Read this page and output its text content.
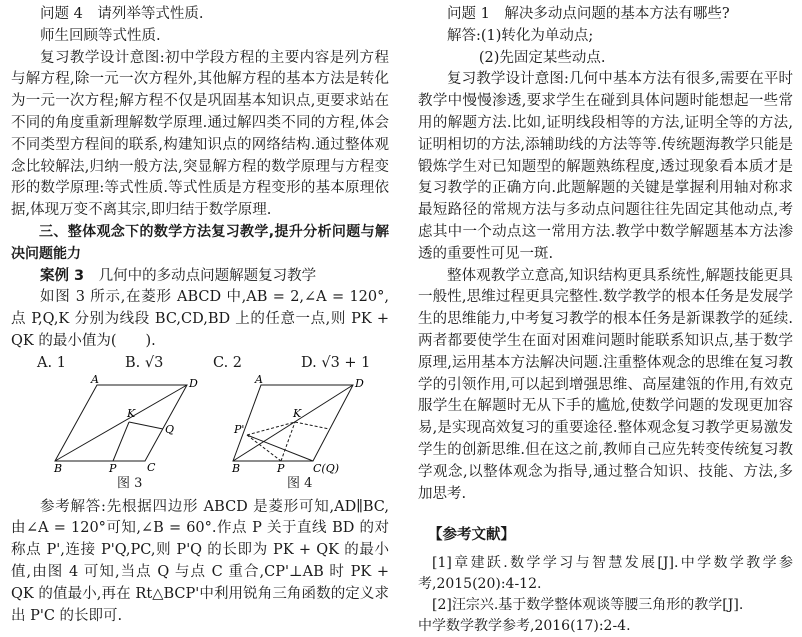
问题 4　请列举等式性质.

师生回顾等式性质.

复习教学设计意图:初中学段方程的主要内容是列方程与解方程,除一元一次方程外,其他解方程的基本方法是转化为一元一次方程;解方程不仅是巩固基本知识点,更要求站在不同的角度重新理解数学原理.通过解四类不同的方程,体会不同类型方程间的联系,构建知识点的网络结构.通过整体观念比较解法,归纳一般方法,突显解方程的数学原理与方程变形的数学原理:等式性质.等式性质是方程变形的基本原理依据,体现万变不离其宗,即归结于数学原理.

三、整体观念下的数学方法复习教学,提升分析问题与解决问题能力

案例 3　 几何中的多动点问题解题复习教学

如图 3 所示,在菱形 ABCD 中,AB = 2,∠A = 120°,点 P,Q,K 分别为线段 BC,CD,BD 上的任意一点,则 PK + QK 的最小值为(　　).

A. 1	B. √3	C. 2	D. √3 + 1
A	D
K
Q
B	P	C
A	D
P'
K
B	P	C(Q)
图 3	图 4

参考解答:先根据四边形 ABCD 是菱形可知,AD∥BC,由∠A = 120°可知,∠B = 60°.作点 P 关于直线 BD 的对称点 P',连接 P'Q,PC,则 P'Q 的长即为 PK + QK 的最小值,由图 4 可知,当点 Q 与点 C 重合,CP'⊥AB 时 PK + QK 的值最小,再在 Rt△BCP'中利用锐角三角函数的定义求出 P'C 的长即可.

问题 1　解决多动点问题的基本方法有哪些?

解答:(1)转化为单动点;

(2)先固定某些动点.

复习教学设计意图:几何中基本方法有很多,需要在平时教学中慢慢渗透,要求学生在碰到具体问题时能想起一些常用的解题方法.比如,证明线段相等的方法,证明全等的方法,证明相切的方法,添辅助线的方法等等.传统题海教学只能是锻炼学生对已知题型的解题熟练程度,透过现象看本质才是复习教学的正确方向.此题解题的关键是掌握利用轴对称求最短路径的常规方法与多动点问题往往先固定其他动点,考虑其中一个动点这一常用方法.教学中数学解题基本方法渗透的重要性可见一斑.

整体观教学立意高,知识结构更具系统性,解题技能更具一般性,思维过程更具完整性.数学教学的根本任务是发展学生的思维能力,中考复习教学的根本任务是新课教学的延续.两者都要使学生在面对困难问题时能联系知识点,基于数学原理,运用基本方法解决问题.注重整体观念的思维在复习教学的引领作用,可以起到增强思维、高屋建瓴的作用,有效克服学生在解题时无从下手的尴尬,使数学问题的发现更加容易,是实现高效复习的重要途径.整体观念复习教学更易激发学生的创新思维.但在这之前,教师自己应先转变传统复习教学观念,以整体观念为指导,通过整合知识、技能、方法,多加思考.

【参考文献】

[1]章建跃.数学学习与智慧发展[J].中学数学教学参考,2015(20):4-12.

[2]汪宗兴.基于数学整体观谈等腰三角形的教学[J].

中学数学教学参考,2016(17):2-4.
